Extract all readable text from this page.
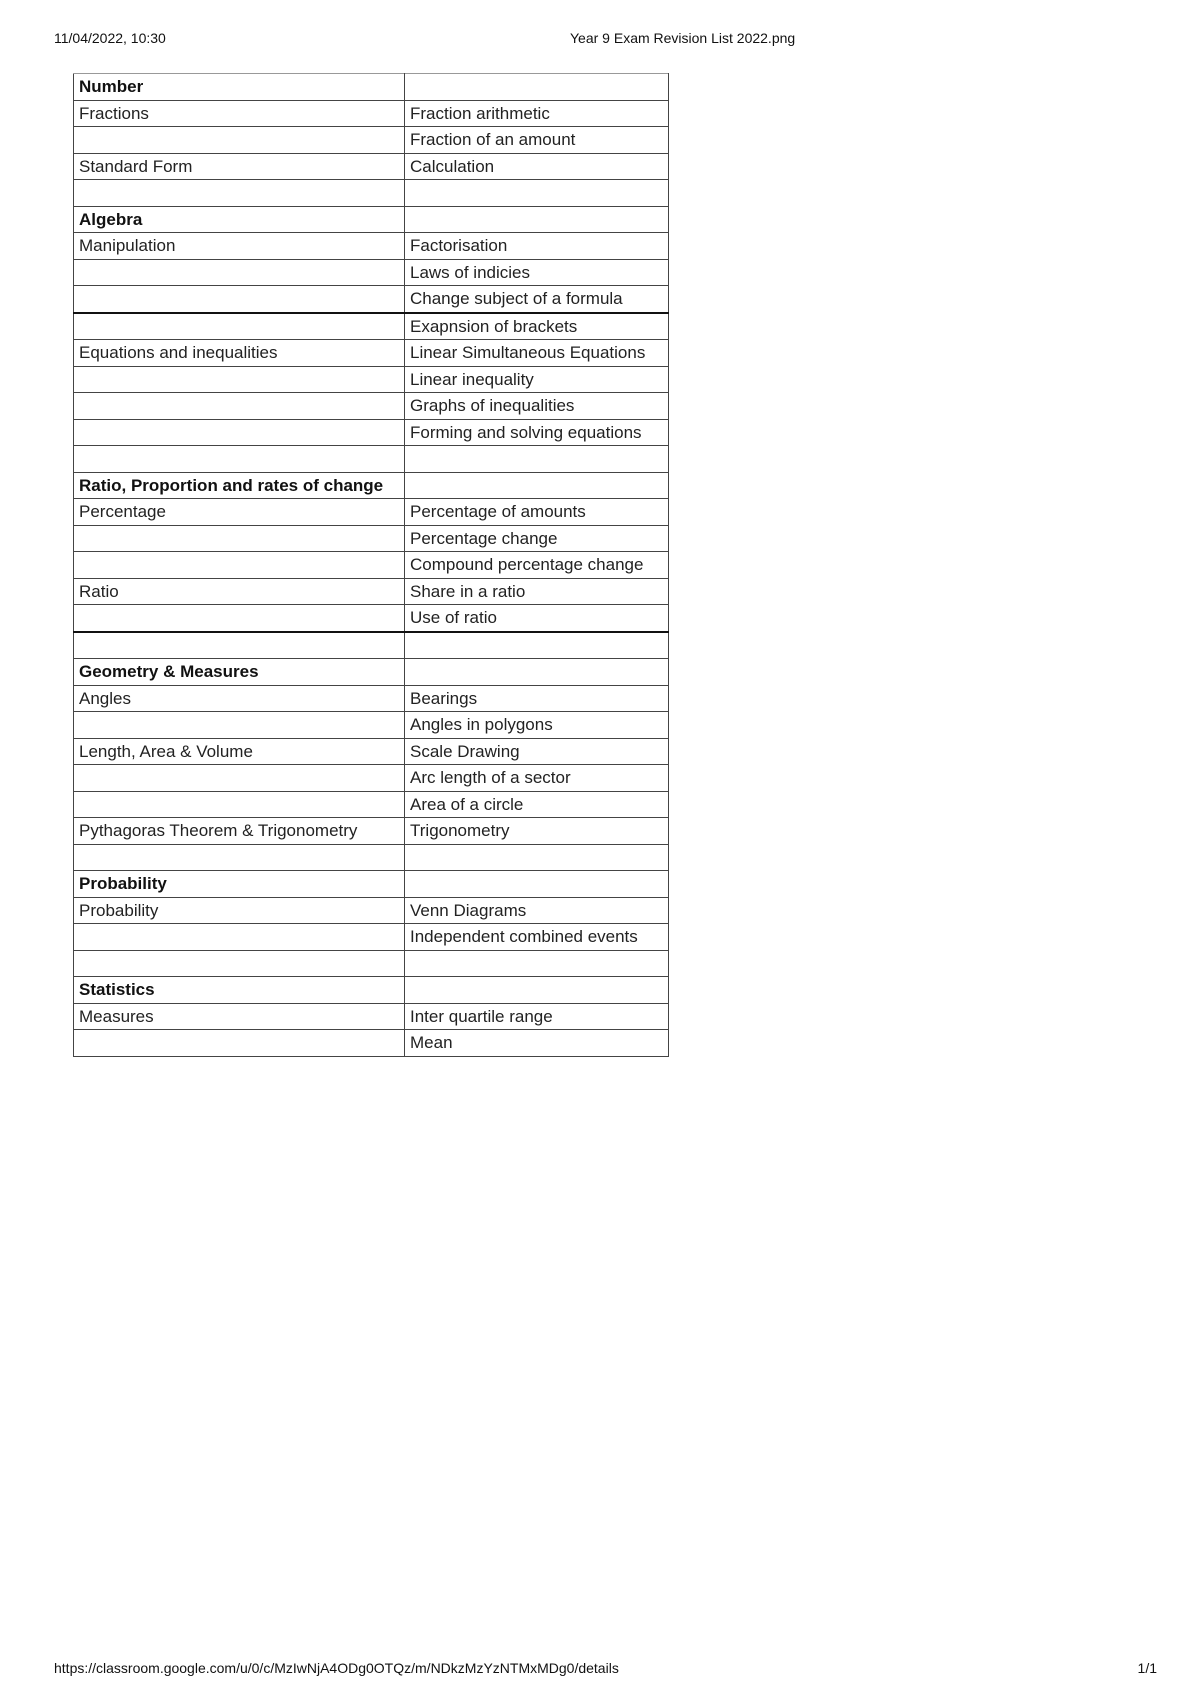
11/04/2022, 10:30	Year 9 Exam Revision List 2022.png
Number	
Fractions	Fraction arithmetic
	Fraction of an amount
Standard Form	Calculation

Algebra	
Manipulation	Factorisation
	Laws of indicies
	Change subject of a formula
	Exapnsion of brackets
Equations and inequalities	Linear Simultaneous Equations
	Linear inequality
	Graphs of inequalities
	Forming and solving equations

Ratio, Proportion and rates of change	
Percentage	Percentage of amounts
	Percentage change
	Compound percentage change
Ratio	Share in a ratio
	Use of ratio

Geometry & Measures	
Angles	Bearings
	Angles in polygons
Length, Area & Volume	Scale Drawing
	Arc length of a sector
	Area of a circle
Pythagoras Theorem & Trigonometry	Trigonometry

Probability	
Probability	Venn Diagrams
	Independent combined events

Statistics	
Measures	Inter quartile range
	Mean
https://classroom.google.com/u/0/c/MzIwNjA4ODg0OTQz/m/NDkzMzYzNTMxMDg0/details	1/1
